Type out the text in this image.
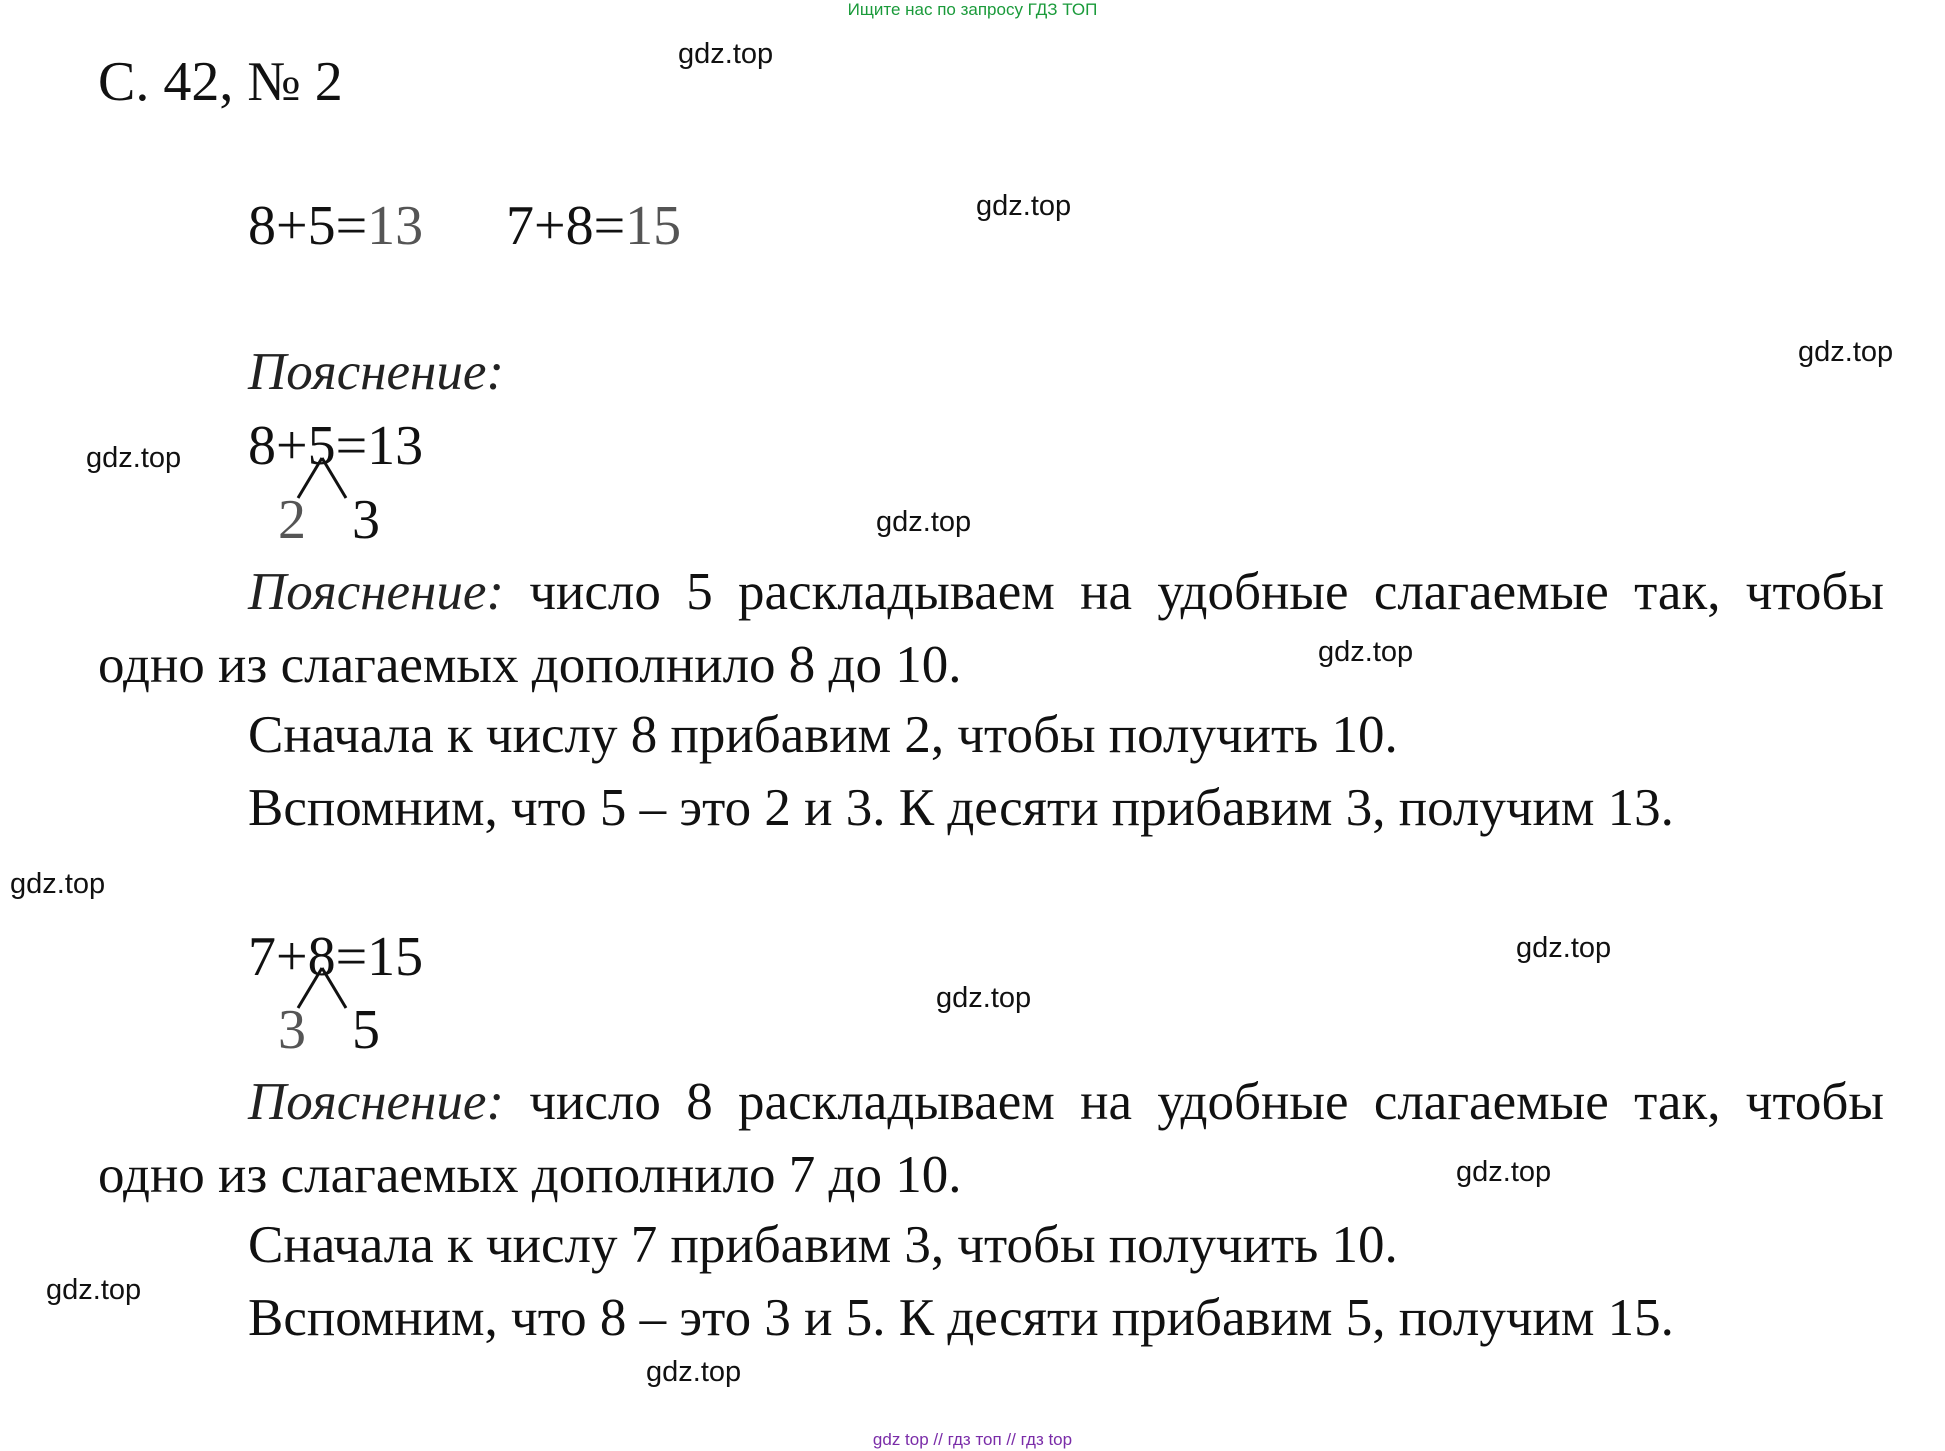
Ищите нас по запросу ГДЗ ТОП
С. 42, № 2
8+5=13 7+8=15
Пояснение:
8+5=13
2 3
Пояснение: число 5 раскладываем на удобные слагаемые так, чтобы одно из слагаемых дополнило 8 до 10.
Сначала к числу 8 прибавим 2, чтобы получить 10.
Вспомним, что 5 – это 2 и 3. К десяти прибавим 3, получим 13.
7+8=15
3 5
Пояснение: число 8 раскладываем на удобные слагаемые так, чтобы одно из слагаемых дополнило 7 до 10.
Сначала к числу 7 прибавим 3, чтобы получить 10.
Вспомним, что 8 – это 3 и 5. К десяти прибавим 5, получим 15.
gdz.top
gdz.top
gdz.top
gdz.top
gdz.top
gdz.top
gdz.top
gdz.top
gdz.top
gdz.top
gdz.top
gdz.top
gdz top // гдз топ // гдз top
